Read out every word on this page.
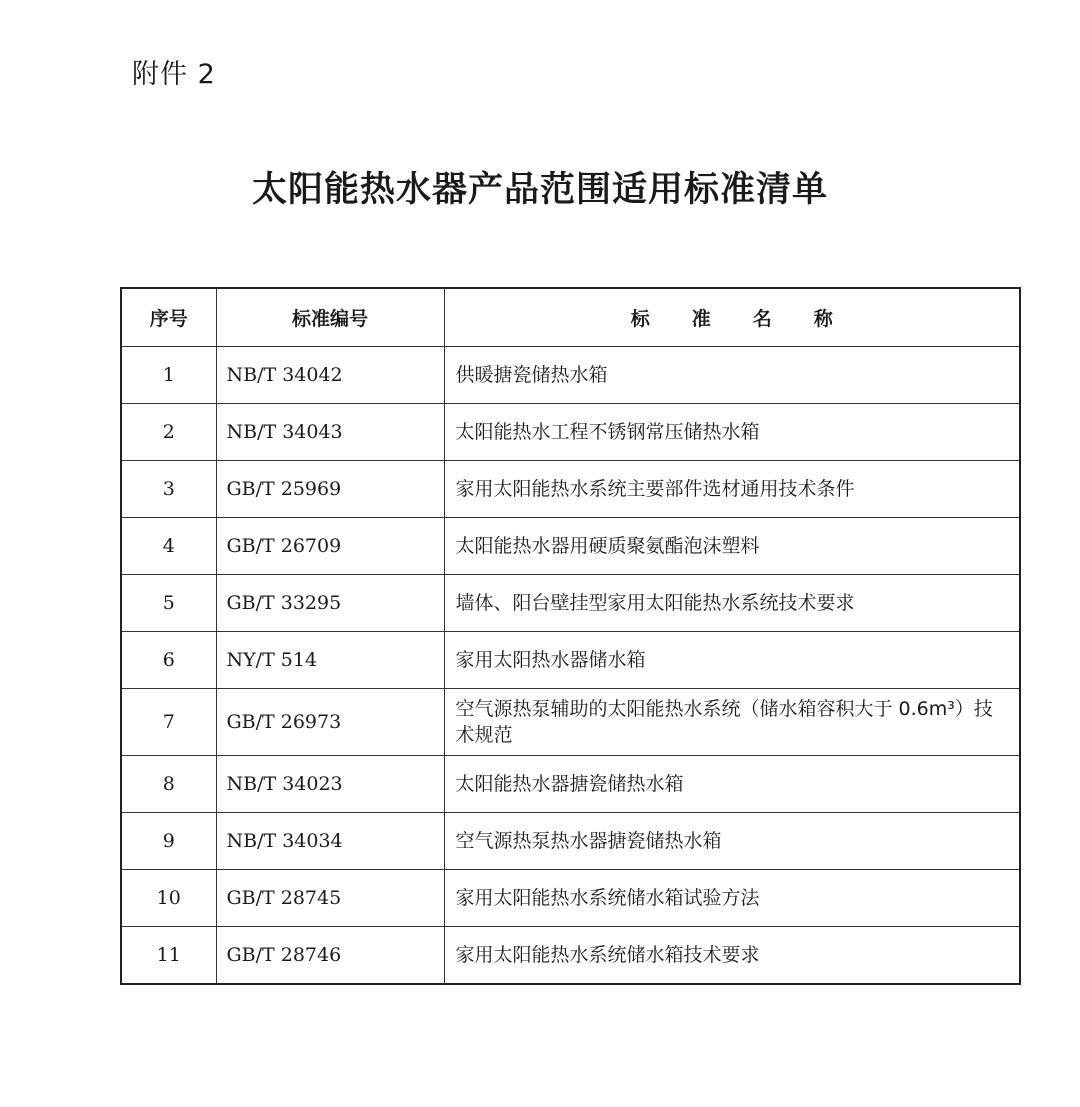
附件 2
太阳能热水器产品范围适用标准清单
序号	标准编号	标准名称
1	NB/T 34042	供暖搪瓷储热水箱
2	NB/T 34043	太阳能热水工程不锈钢常压储热水箱
3	GB/T 25969	家用太阳能热水系统主要部件选材通用技术条件
4	GB/T 26709	太阳能热水器用硬质聚氨酯泡沫塑料
5	GB/T 33295	墙体、阳台壁挂型家用太阳能热水系统技术要求
6	NY/T 514	家用太阳热水器储水箱
7	GB/T 26973	空气源热泵辅助的太阳能热水系统（储水箱容积大于 0.6m³）技术规范
8	NB/T 34023	太阳能热水器搪瓷储热水箱
9	NB/T 34034	空气源热泵热水器搪瓷储热水箱
10	GB/T 28745	家用太阳能热水系统储水箱试验方法
11	GB/T 28746	家用太阳能热水系统储水箱技术要求
